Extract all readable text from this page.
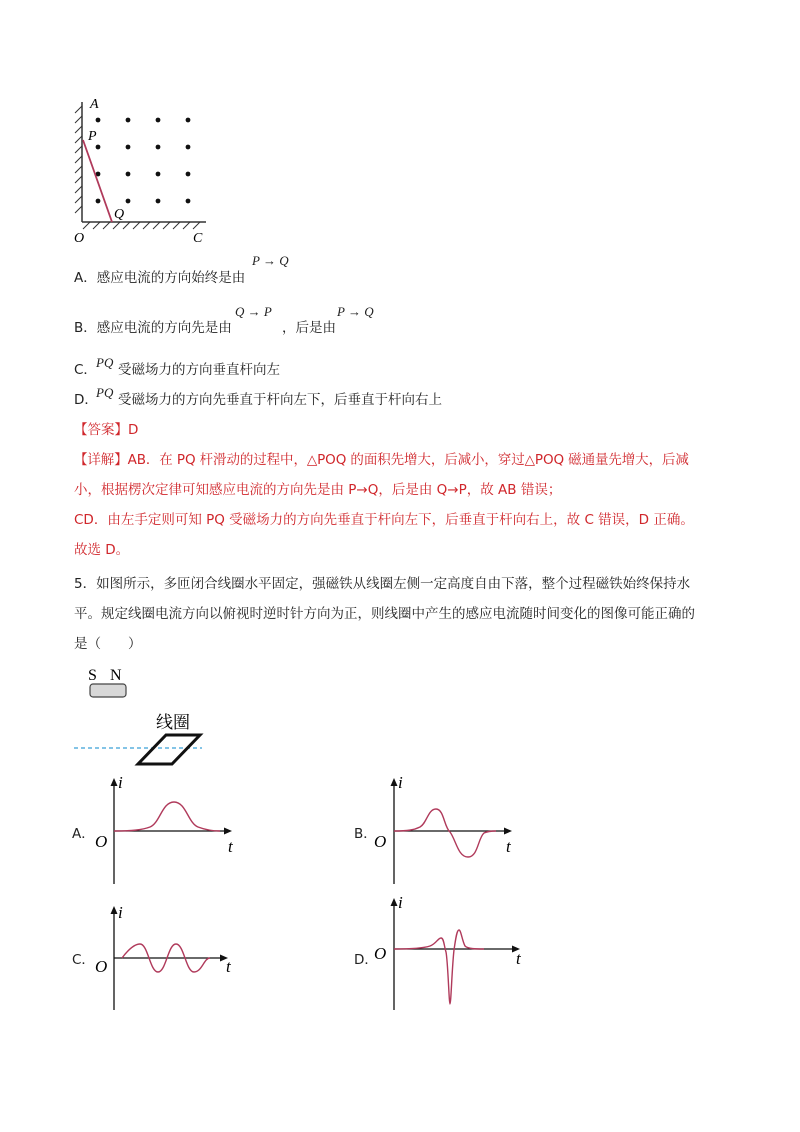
A
P
Q
O	C
A．感应电流的方向始终是由
P → Q
B．感应电流的方向先是由
Q → P
，后是由
P → Q
C． PQ 受磁场力的方向垂直杆向左
D．
PQ 受磁场力的方向先垂直于杆向左下，后垂直于杆向右上
【答案】D
【详解】AB．在 PQ 杆滑动的过程中，△POQ 的面积先增大，后减小，穿过△POQ 磁通量先增大，后减
小，根据楞次定律可知感应电流的方向先是由 P→Q，后是由 Q→P，故 AB 错误；
CD．由左手定则可知 PQ 受磁场力的方向先垂直于杆向左下，后垂直于杆向右上，故 C 错误，D 正确。
故选 D。
5．如图所示，多匝闭合线圈水平固定，强磁铁从线圈左侧一定高度自由下落，整个过程磁铁始终保持水
平。规定线圈电流方向以俯视时逆时针方向为正，则线圈中产生的感应电流随时间变化的图像可能正确的
是（　　）
S N
线圈
A．
i
t
O	B．
i
t
O
C．
i
t
O	D．
i
t
O
